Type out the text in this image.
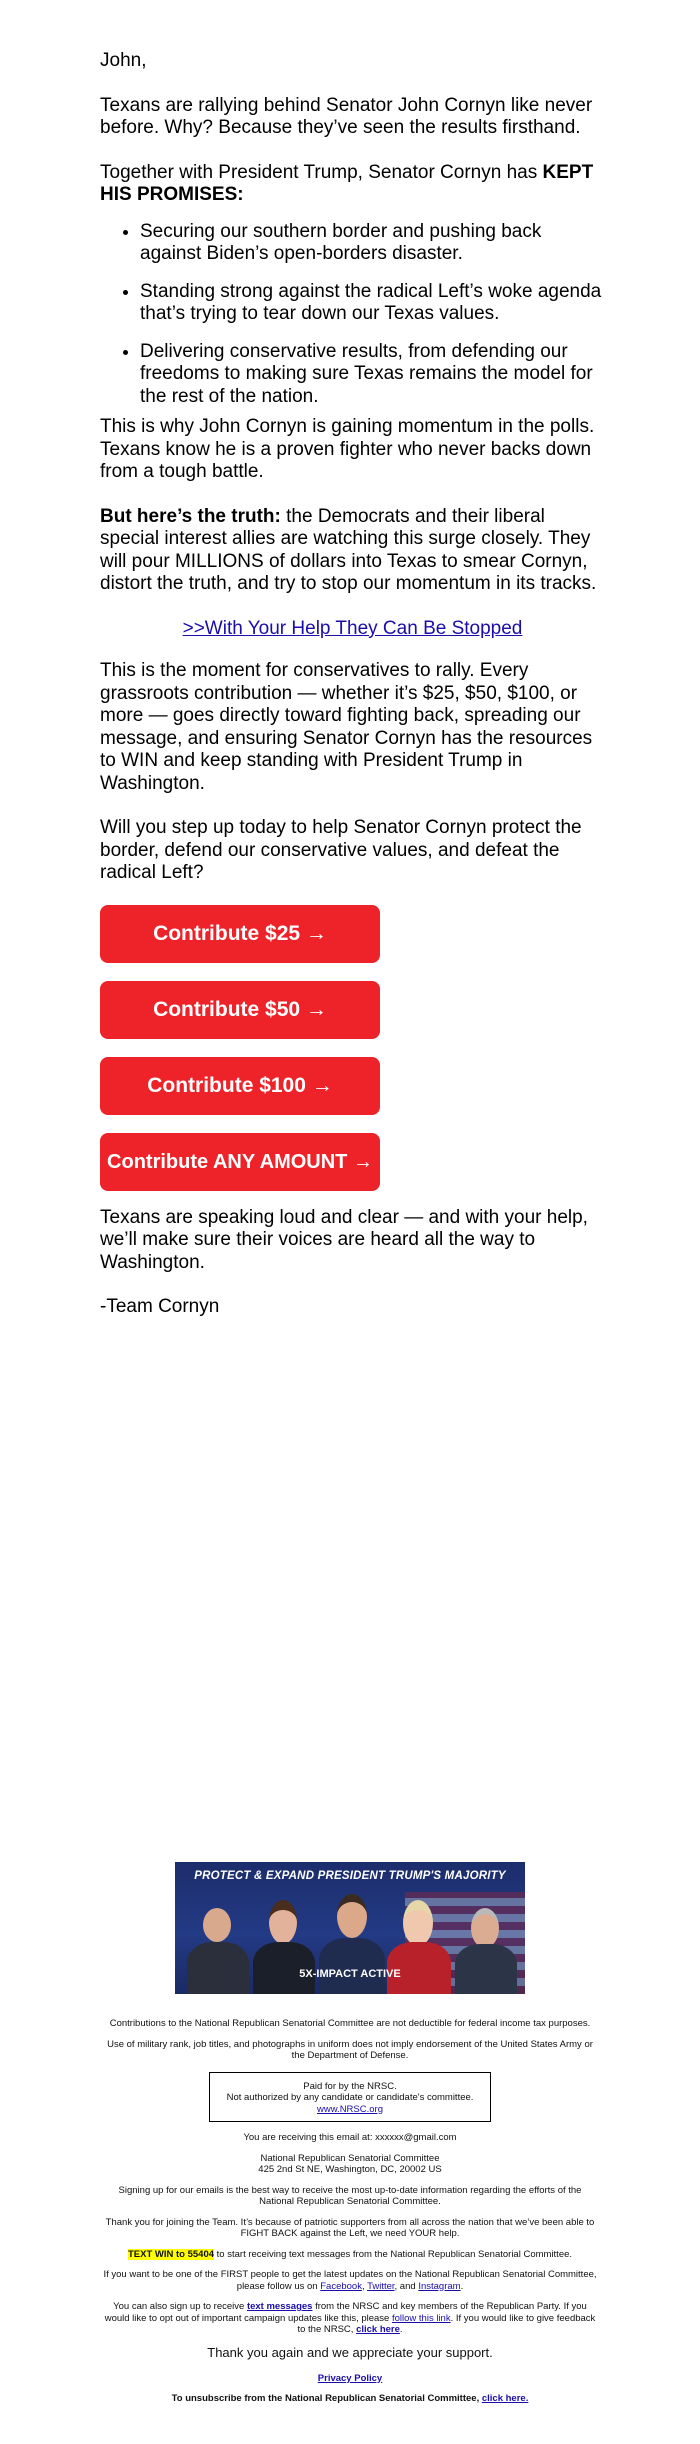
John,

Texans are rallying behind Senator John Cornyn like never before. Why? Because they’ve seen the results firsthand.

Together with President Trump, Senator Cornyn has KEPT HIS PROMISES:

• Securing our southern border and pushing back against Biden’s open-borders disaster.
• Standing strong against the radical Left’s woke agenda that’s trying to tear down our Texas values.
• Delivering conservative results, from defending our freedoms to making sure Texas remains the model for the rest of the nation.

This is why John Cornyn is gaining momentum in the polls. Texans know he is a proven fighter who never backs down from a tough battle.

But here’s the truth: the Democrats and their liberal special interest allies are watching this surge closely. They will pour MILLIONS of dollars into Texas to smear Cornyn, distort the truth, and try to stop our momentum in its tracks.

>>With Your Help They Can Be Stopped

This is the moment for conservatives to rally. Every grassroots contribution — whether it’s $25, $50, $100, or more — goes directly toward fighting back, spreading our message, and ensuring Senator Cornyn has the resources to WIN and keep standing with President Trump in Washington.

Will you step up today to help Senator Cornyn protect the border, defend our conservative values, and defeat the radical Left?

Contribute $25 →
Contribute $50 →
Contribute $100 →
Contribute ANY AMOUNT →

Texans are speaking loud and clear — and with your help, we’ll make sure their voices are heard all the way to Washington.

-Team Cornyn

PROTECT & EXPAND PRESIDENT TRUMP'S MAJORITY
5X-IMPACT ACTIVE

Contributions to the National Republican Senatorial Committee are not deductible for federal income tax purposes.

Use of military rank, job titles, and photographs in uniform does not imply endorsement of the United States Army or the Department of Defense.

Paid for by the NRSC.
Not authorized by any candidate or candidate's committee.
www.NRSC.org

You are receiving this email at: xxxxxx@gmail.com

National Republican Senatorial Committee
425 2nd St NE, Washington, DC, 20002 US

Signing up for our emails is the best way to receive the most up-to-date information regarding the efforts of the National Republican Senatorial Committee.

Thank you for joining the Team. It’s because of patriotic supporters from all across the nation that we’ve been able to FIGHT BACK against the Left, we need YOUR help.

TEXT WIN to 55404 to start receiving text messages from the National Republican Senatorial Committee.

If you want to be one of the FIRST people to get the latest updates on the National Republican Senatorial Committee, please follow us on Facebook, Twitter, and Instagram.

You can also sign up to receive text messages from the NRSC and key members of the Republican Party. If you would like to opt out of important campaign updates like this, please follow this link. If you would like to give feedback to the NRSC, click here.

Thank you again and we appreciate your support.

Privacy Policy

To unsubscribe from the National Republican Senatorial Committee, click here.
